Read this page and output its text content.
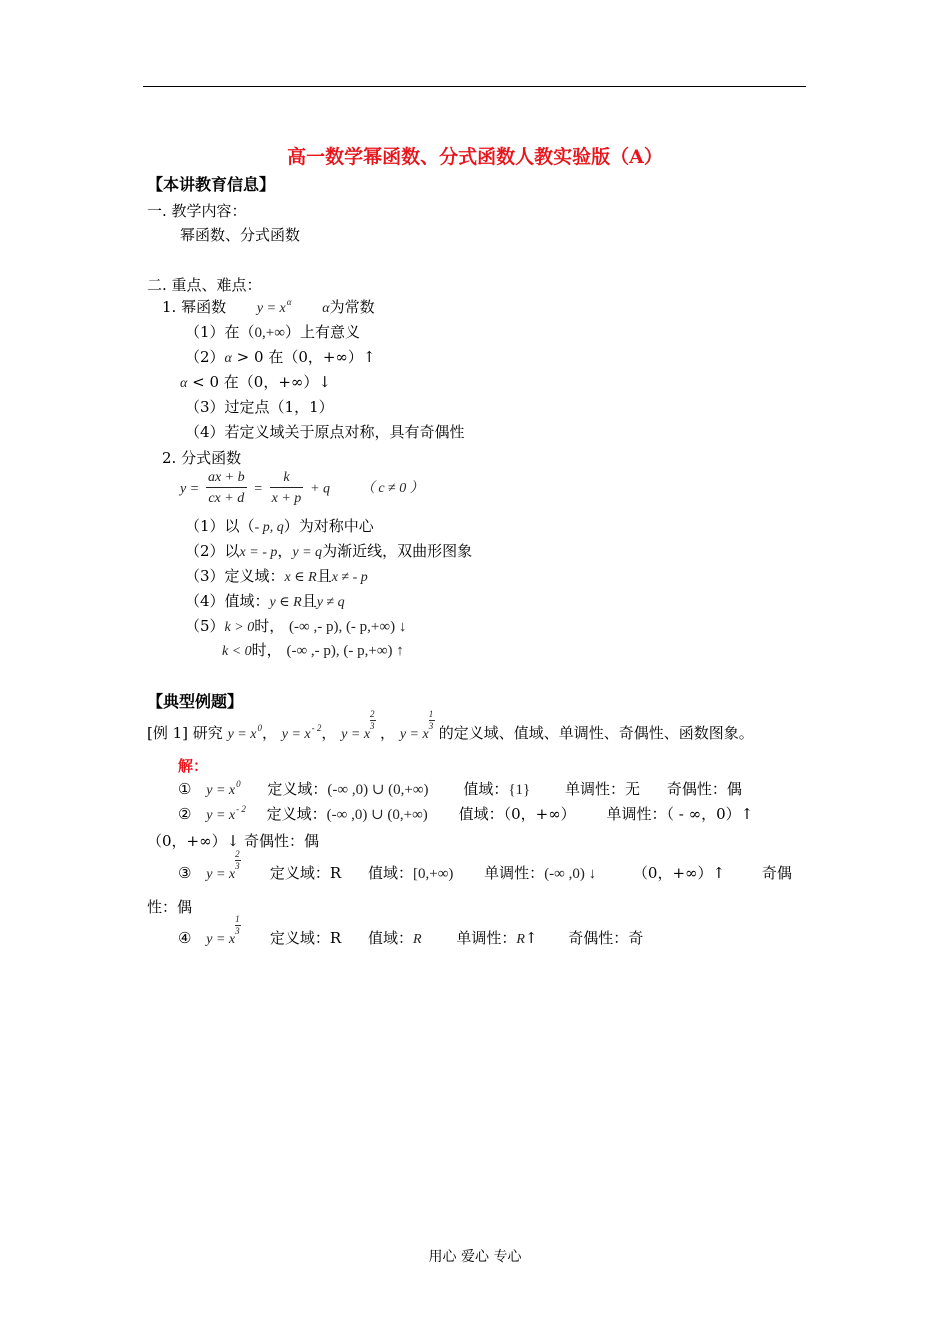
高一数学幂函数、分式函数人教实验版（A）
【本讲教育信息】
一. 教学内容：
幂函数、分式函数
二. 重点、难点：
1. 幂函数 $y = x^\alpha$ α为常数
（1）在（0,+∞）上有意义
（2）α > 0 在（0，+∞）↑
α < 0 在（0，+∞）↓
（3）过定点（1，1）
（4）若定义域关于原点对称，具有奇偶性
2. 分式函数
$y = \frac{ax + b}{cx + d} = \frac{k}{x + p} + q$ （ c ≠ 0 ）
（1）以（- p, q）为对称中心
（2）以x = - p，y = q为渐近线，双曲形图象
（3）定义域：x ∈ R且x ≠ - p
（4）值域：y ∈ R且y ≠ q
（5）k > 0时， (-∞ ,- p), (- p,+∞) ↓
k < 0时， (-∞ ,- p), (- p,+∞) ↑
【典型例题】
[例 1] 研究 $y = x^0$， $y = x^{- 2}$， y = x $\frac{2}{3}$ ， y = x $\frac{1}{3}$ 的定义域、值域、单调性、奇偶性、函数图象。
解：
① $y = x^0$ 定义域：(-∞ ,0) ∪ (0,+∞) 值域：{1} 单调性：无 奇偶性：偶
② $y = x^{- 2}$ 定义域：(-∞ ,0) ∪ (0,+∞) 值域：（0，+∞） 单调性：（ - ∞，0）↑
（0，+∞）↓ 奇偶性：偶
③ y = x $\frac{2}{3}$ 定义域：R 值域：[0,+∞) 单调性：(-∞ ,0) ↓ （0，+∞）↑ 奇偶
性：偶
④ y = x $\frac{1}{3}$ 定义域：R 值域：R 单调性：R↑ 奇偶性：奇
用心 爱心 专心
